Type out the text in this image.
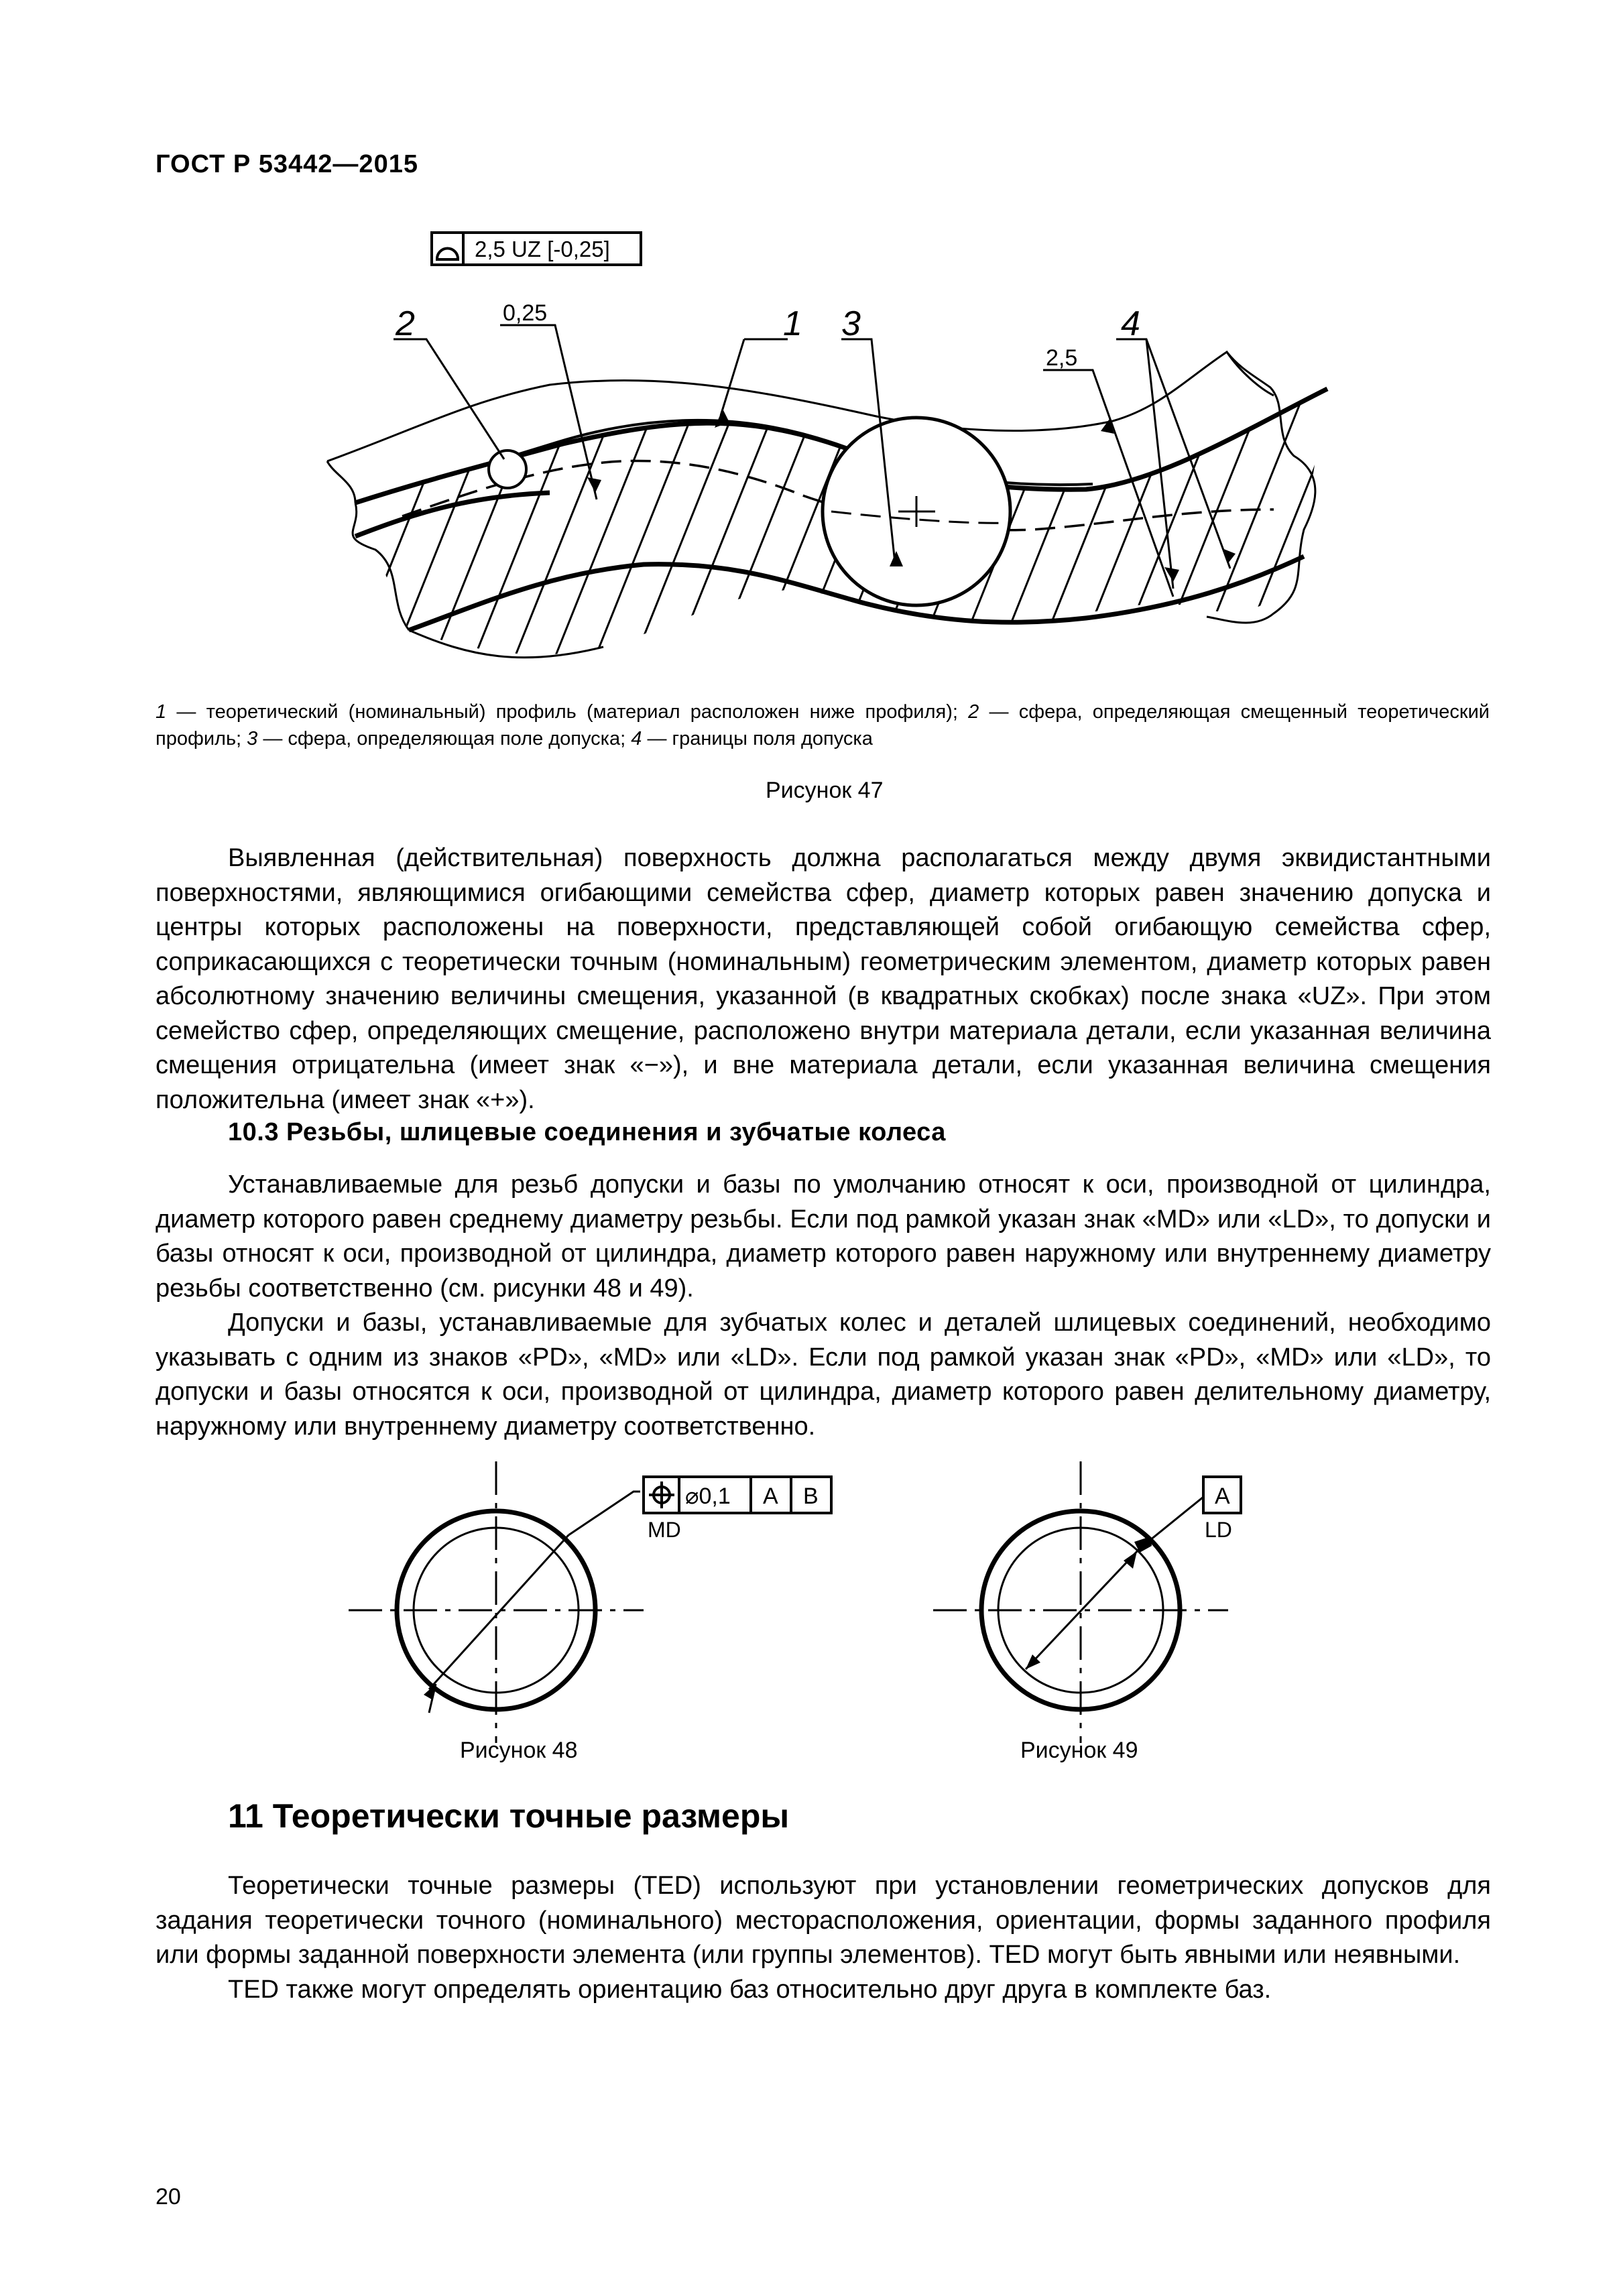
ГОСТ Р 53442—2015
2,5 UZ [-0,25]
2	0,25	1 3	4
2,5
1 — теоретический (номинальный) профиль (материал расположен ниже профиля); 2 — сфера, определяющая смещенный теоретический профиль; 3 — сфера, определяющая поле допуска; 4 — границы поля допуска
Рисунок 47

Выявленная (действительная) поверхность должна располагаться между двумя эквидистантными поверхностями, являющимися огибающими семейства сфер, диаметр которых равен значению допуска и центры которых расположены на поверхности, представляющей собой огибающую семейства сфер, соприкасающихся с теоретически точным (номинальным) геометрическим элементом, диаметр которых равен абсолютному значению величины смещения, указанной (в квадратных скобках) после знака «UZ». При этом семейство сфер, определяющих смещение, расположено внутри материала детали, если указанная величина смещения отрицательна (имеет знак «−»), и вне материала детали, если указанная величина смещения положительна (имеет знак «+»).

10.3 Резьбы, шлицевые соединения и зубчатые колеса

Устанавливаемые для резьб допуски и базы по умолчанию относят к оси, производной от цилиндра, диаметр которого равен среднему диаметру резьбы. Если под рамкой указан знак «MD» или «LD», то допуски и базы относят к оси, производной от цилиндра, диаметр которого равен наружному или внутреннему диаметру резьбы соответственно (см. рисунки 48 и 49).

Допуски и базы, устанавливаемые для зубчатых колес и деталей шлицевых соединений, необходимо указывать с одним из знаков «PD», «MD» или «LD». Если под рамкой указан знак «PD», «MD» или «LD», то допуски и базы относятся к оси, производной от цилиндра, диаметр которого равен делительному диаметру, наружному или внутреннему диаметру соответственно.

⌀0,1 A B
MD
A
LD
Рисунок 48	Рисунок 49
11 Теоретически точные размеры

Теоретически точные размеры (TED) используют при установлении геометрических допусков для задания теоретически точного (номинального) месторасположения, ориентации, формы заданного профиля или формы заданной поверхности элемента (или группы элементов). TED могут быть явными или неявными.

TED также могут определять ориентацию баз относительно друг друга в комплекте баз.

20
